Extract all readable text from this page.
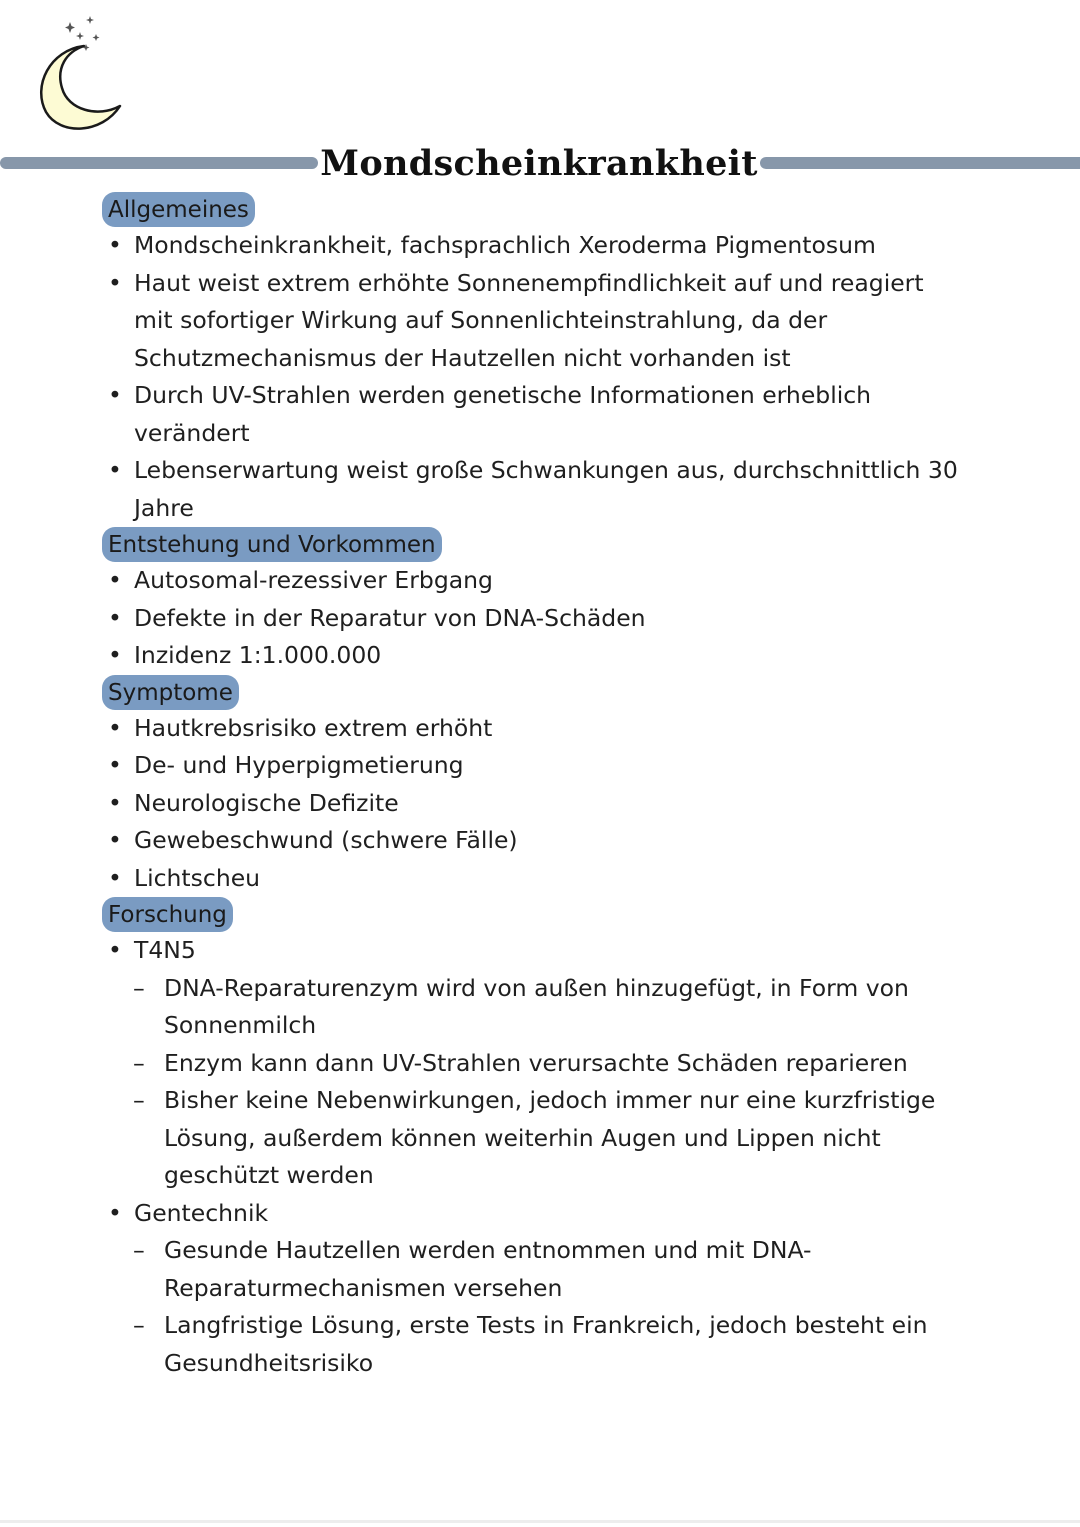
Mondscheinkrankheit
Allgemeines
• Mondscheinkrankheit, fachsprachlich Xeroderma Pigmentosum
• Haut weist extrem erhöhte Sonnenempfindlichkeit auf und reagiert
mit sofortiger Wirkung auf Sonnenlichteinstrahlung, da der
Schutzmechanismus der Hautzellen nicht vorhanden ist
• Durch UV-Strahlen werden genetische Informationen erheblich
verändert
• Lebenserwartung weist große Schwankungen aus, durchschnittlich 30
Jahre
Entstehung und Vorkommen
• Autosomal-rezessiver Erbgang
• Defekte in der Reparatur von DNA-Schäden
• Inzidenz 1:1.000.000
Symptome
• Hautkrebsrisiko extrem erhöht
• De- und Hyperpigmetierung
• Neurologische Defizite
• Gewebeschwund (schwere Fälle)
• Lichtscheu
Forschung
• T4N5
– DNA-Reparaturenzym wird von außen hinzugefügt, in Form von
Sonnenmilch
– Enzym kann dann UV-Strahlen verursachte Schäden reparieren
– Bisher keine Nebenwirkungen, jedoch immer nur eine kurzfristige
Lösung, außerdem können weiterhin Augen und Lippen nicht
geschützt werden
• Gentechnik
– Gesunde Hautzellen werden entnommen und mit DNA-
Reparaturmechanismen versehen
– Langfristige Lösung, erste Tests in Frankreich, jedoch besteht ein
Gesundheitsrisiko
